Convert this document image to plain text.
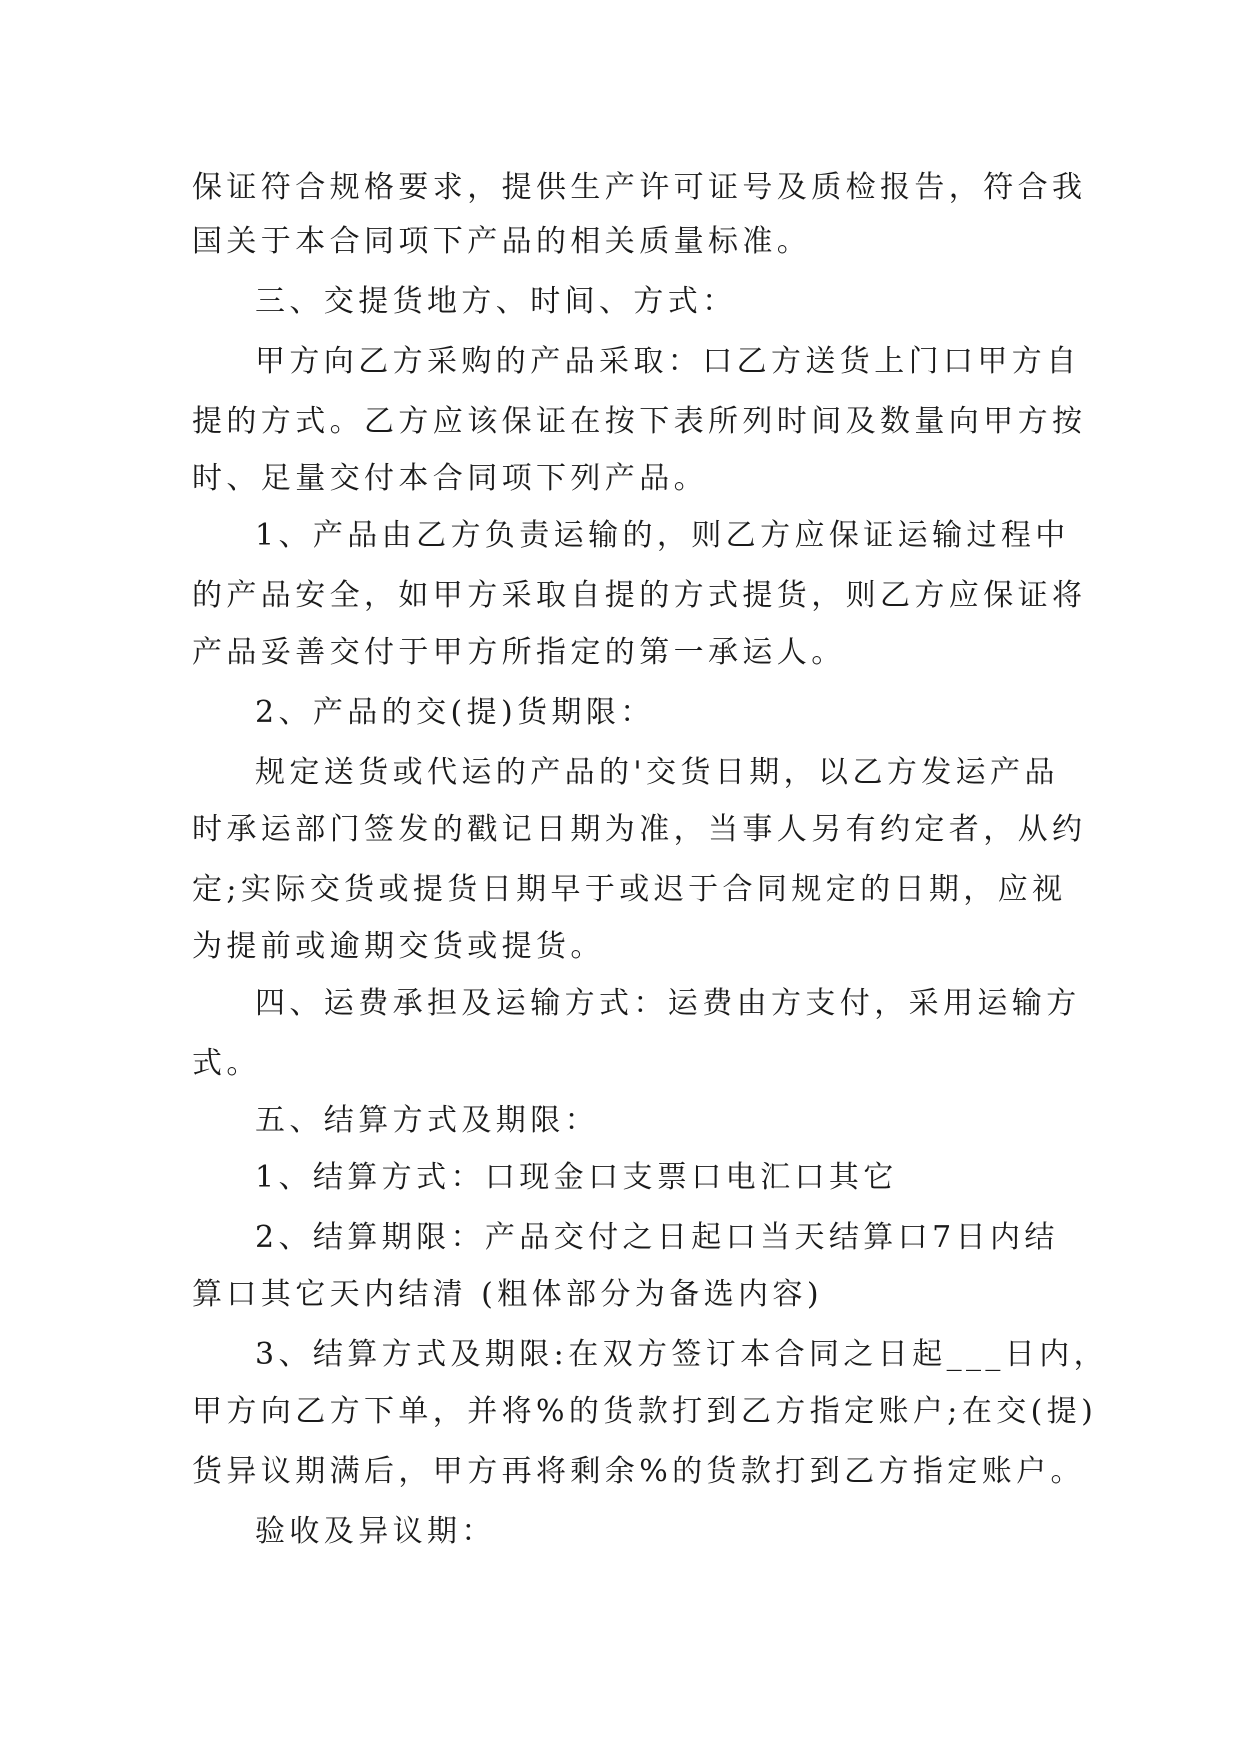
保证符合规格要求，提供生产许可证号及质检报告，符合我
国关于本合同项下产品的相关质量标准。
三、交提货地方、时间、方式：
甲方向乙方采购的产品采取：口乙方送货上门口甲方自
提的方式。乙方应该保证在按下表所列时间及数量向甲方按
时、足量交付本合同项下列产品。
1、产品由乙方负责运输的，则乙方应保证运输过程中
的产品安全，如甲方采取自提的方式提货，则乙方应保证将
产品妥善交付于甲方所指定的第一承运人。
2、产品的交(提)货期限：
规定送货或代运的产品的'交货日期，以乙方发运产品
时承运部门签发的戳记日期为准，当事人另有约定者，从约
定;实际交货或提货日期早于或迟于合同规定的日期，应视
为提前或逾期交货或提货。
四、运费承担及运输方式：运费由方支付，采用运输方
式。
五、结算方式及期限：
1、结算方式：口现金口支票口电汇口其它
2、结算期限：产品交付之日起口当天结算口7日内结
算口其它天内结清 (粗体部分为备选内容)
3、结算方式及期限:在双方签订本合同之日起___日内，
甲方向乙方下单，并将%的货款打到乙方指定账户;在交(提)
货异议期满后，甲方再将剩余%的货款打到乙方指定账户。
验收及异议期：
